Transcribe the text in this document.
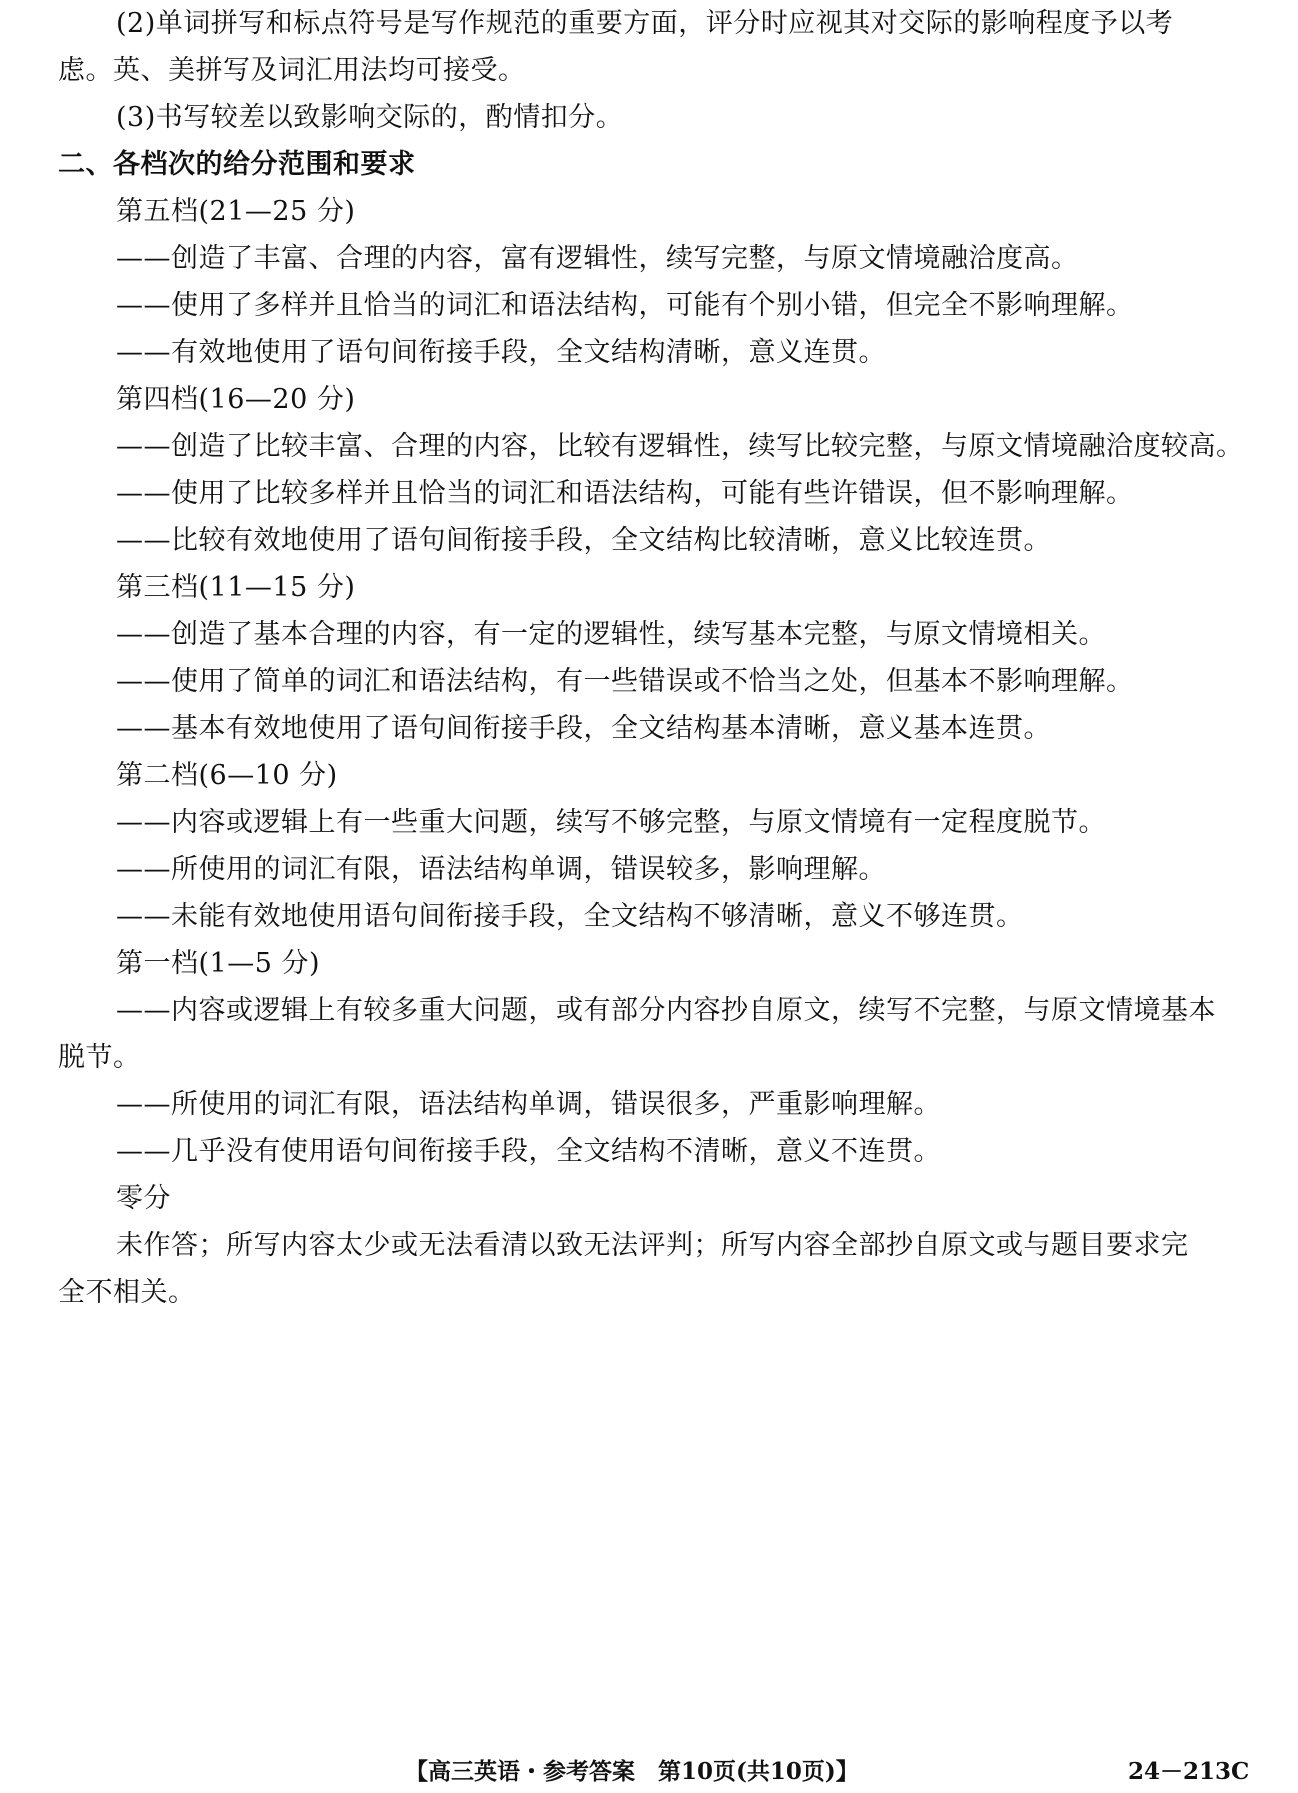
(2)单词拼写和标点符号是写作规范的重要方面，评分时应视其对交际的影响程度予以考
虑。英、美拼写及词汇用法均可接受。
(3)书写较差以致影响交际的，酌情扣分。
二、各档次的给分范围和要求
第五档(21—25 分)
——创造了丰富、合理的内容，富有逻辑性，续写完整，与原文情境融洽度高。
——使用了多样并且恰当的词汇和语法结构，可能有个别小错，但完全不影响理解。
——有效地使用了语句间衔接手段，全文结构清晰，意义连贯。
第四档(16—20 分)
——创造了比较丰富、合理的内容，比较有逻辑性，续写比较完整，与原文情境融洽度较高。
——使用了比较多样并且恰当的词汇和语法结构，可能有些许错误，但不影响理解。
——比较有效地使用了语句间衔接手段，全文结构比较清晰，意义比较连贯。
第三档(11—15 分)
——创造了基本合理的内容，有一定的逻辑性，续写基本完整，与原文情境相关。
——使用了简单的词汇和语法结构，有一些错误或不恰当之处，但基本不影响理解。
——基本有效地使用了语句间衔接手段，全文结构基本清晰，意义基本连贯。
第二档(6—10 分)
——内容或逻辑上有一些重大问题，续写不够完整，与原文情境有一定程度脱节。
——所使用的词汇有限，语法结构单调，错误较多，影响理解。
——未能有效地使用语句间衔接手段，全文结构不够清晰，意义不够连贯。
第一档(1—5 分)
——内容或逻辑上有较多重大问题，或有部分内容抄自原文，续写不完整，与原文情境基本
脱节。
——所使用的词汇有限，语法结构单调，错误很多，严重影响理解。
——几乎没有使用语句间衔接手段，全文结构不清晰，意义不连贯。
零分
未作答；所写内容太少或无法看清以致无法评判；所写内容全部抄自原文或与题目要求完
全不相关。
【高三英语・参考答案　第10页(共10页)】	24－213C
